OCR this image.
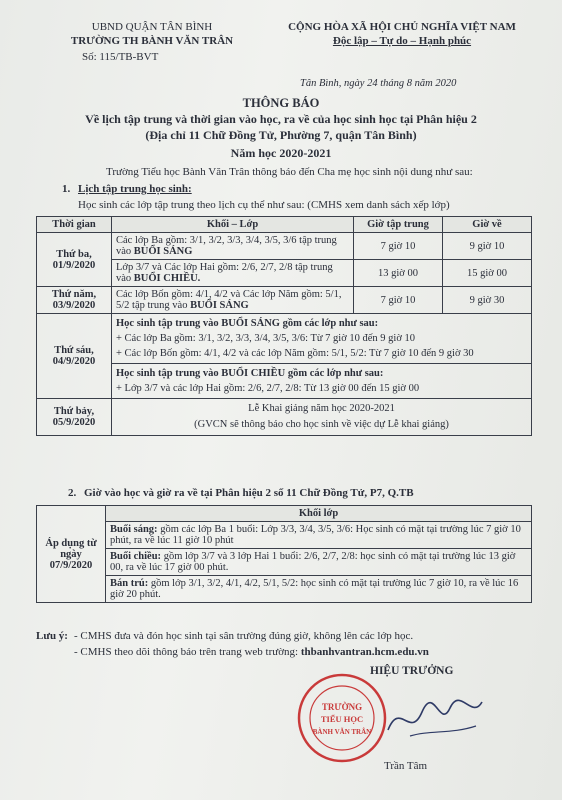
UBND QUẬN TÂN BÌNH
TRƯỜNG TH BÀNH VĂN TRÂN
Số: 115/TB-BVT
CỘNG HÒA XÃ HỘI CHỦ NGHĨA VIỆT NAM
Độc lập – Tự do – Hạnh phúc
Tân Bình, ngày 24 tháng 8 năm 2020
THÔNG BÁO
Về lịch tập trung và thời gian vào học, ra về của học sinh học tại Phân hiệu 2
(Địa chỉ 11 Chữ Đồng Tử, Phường 7, quận Tân Bình)
Năm học 2020-2021
Trường Tiểu học Bành Văn Trân thông báo đến Cha mẹ học sinh nội dung như sau:
1. Lịch tập trung học sinh:
Học sinh các lớp tập trung theo lịch cụ thể như sau: (CMHS xem danh sách xếp lớp)
Thời gian	Khối – Lớp	Giờ tập trung	Giờ về
Thứ ba, 01/9/2020	Các lớp Ba gồm: 3/1, 3/2, 3/3, 3/4, 3/5, 3/6 tập trung vào BUỔI SÁNG	7 giờ 10	9 giờ 10
	Lớp 3/7 và Các lớp Hai gồm: 2/6, 2/7, 2/8 tập trung vào BUỔI CHIỀU.	13 giờ 00	15 giờ 00
Thứ năm, 03/9/2020	Các lớp Bốn gồm: 4/1, 4/2 và Các lớp Năm gồm: 5/1, 5/2 tập trung vào BUỔI SÁNG	7 giờ 10	9 giờ 30
Thứ sáu, 04/9/2020	Học sinh tập trung vào BUỔI SÁNG gồm các lớp như sau:
+ Các lớp Ba gồm: 3/1, 3/2, 3/3, 3/4, 3/5, 3/6: Từ 7 giờ 10 đến 9 giờ 10
+ Các lớp Bốn gồm: 4/1, 4/2 và các lớp Năm gồm: 5/1, 5/2: Từ 7 giờ 10 đến 9 giờ 30
Học sinh tập trung vào BUỔI CHIỀU gồm các lớp như sau:
+ Lớp 3/7 và các lớp Hai gồm: 2/6, 2/7, 2/8: Từ 13 giờ 00 đến 15 giờ 00		

Thứ bảy, 05/9/2020	Lễ Khai giảng năm học 2020-2021
(GVCN sẽ thông báo cho học sinh về việc dự Lễ khai giảng)		
2. Giờ vào học và giờ ra về tại Phân hiệu 2 số 11 Chữ Đồng Tử, P7, Q.TB
Áp dụng từ ngày 07/9/2020	Khối lớp
Buổi sáng: gồm các lớp Ba 1 buổi: Lớp 3/3, 3/4, 3/5, 3/6: Học sinh có mặt tại trường lúc 7 giờ 10 phút, ra về lúc 11 giờ 10 phút
Buổi chiều: gồm lớp 3/7 và 3 lớp Hai 1 buổi: 2/6, 2/7, 2/8: học sinh có mặt tại trường lúc 13 giờ 00, ra về lúc 17 giờ 00 phút.
Bán trú: gồm lớp 3/1, 3/2, 4/1, 4/2, 5/1, 5/2: học sinh có mặt tại trường lúc 7 giờ 10, ra về lúc 16 giờ 20 phút.
Lưu ý: - CMHS đưa và đón học sinh tại sân trường đúng giờ, không lên các lớp học.
- CMHS theo dõi thông báo trên trang web trường: thbanhvantran.hcm.edu.vn
HIỆU TRƯỞNG
TRƯỜNG
TIỂU HỌC
BÀNH VĂN TRÂN
Trần Tâm
